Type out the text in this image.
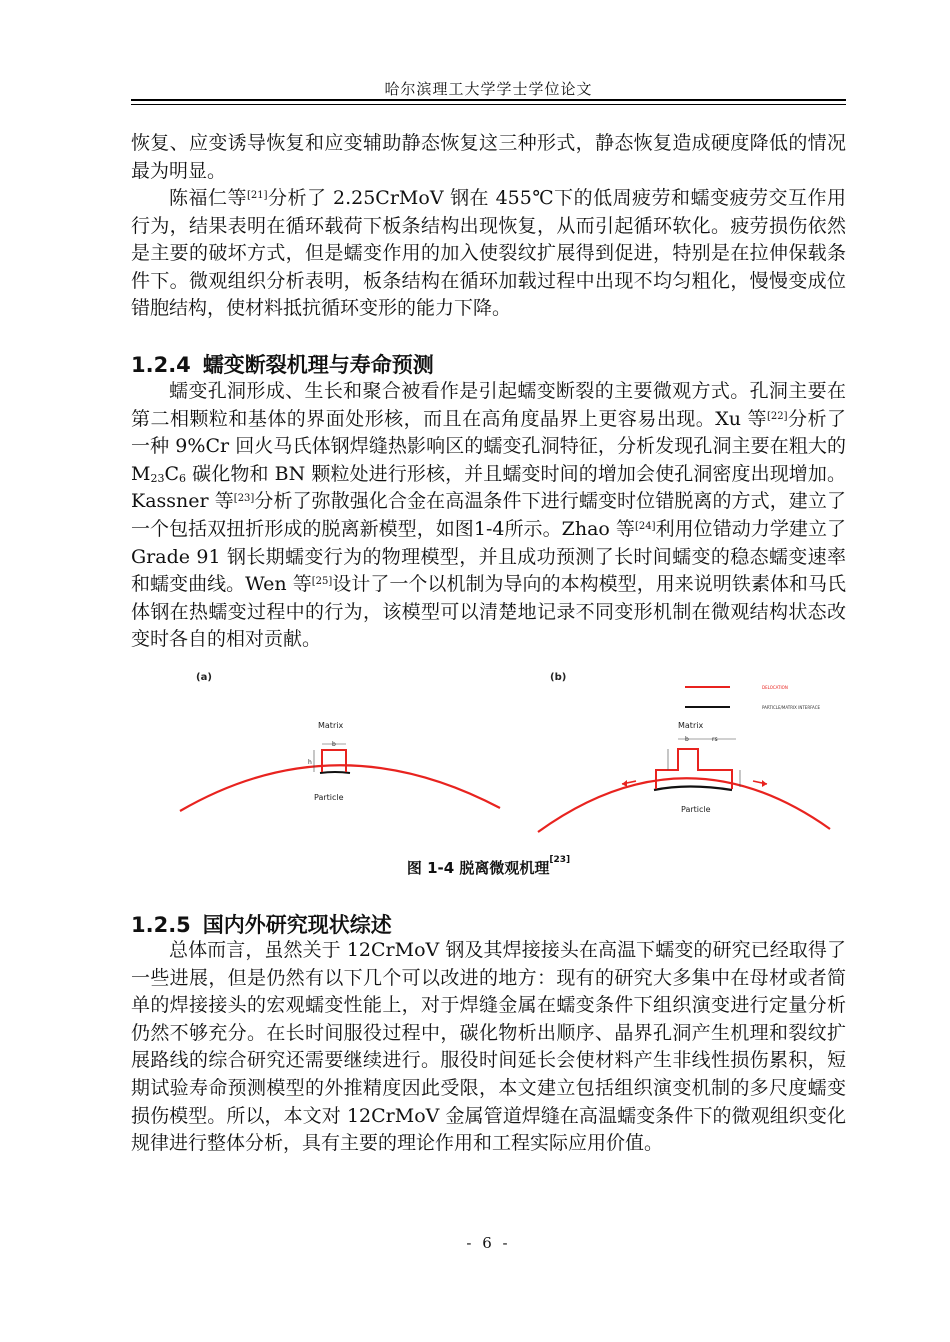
哈尔滨理工大学学士学位论文

恢复、应变诱导恢复和应变辅助静态恢复这三种形式，静态恢复造成硬度降低的情况最为明显。

陈福仁等[21]分析了 2.25CrMoV 钢在 455℃下的低周疲劳和蠕变疲劳交互作用行为，结果表明在循环载荷下板条结构出现恢复，从而引起循环软化。疲劳损伤依然是主要的破坏方式，但是蠕变作用的加入使裂纹扩展得到促进，特别是在拉伸保载条件下。微观组织分析表明，板条结构在循环加载过程中出现不均匀粗化，慢慢变成位错胞结构，使材料抵抗循环变形的能力下降。

1.2.4 蠕变断裂机理与寿命预测

蠕变孔洞形成、生长和聚合被看作是引起蠕变断裂的主要微观方式。孔洞主要在第二相颗粒和基体的界面处形核，而且在高角度晶界上更容易出现。Xu 等[22]分析了一种 9%Cr 回火马氏体钢焊缝热影响区的蠕变孔洞特征，分析发现孔洞主要在粗大的 $M_{23}C_6$ 碳化物和 BN 颗粒处进行形核，并且蠕变时间的增加会使孔洞密度出现增加。Kassner 等[23]分析了弥散强化合金在高温条件下进行蠕变时位错脱离的方式，建立了一个包括双扭折形成的脱离新模型，如图1-4所示。Zhao 等[24]利用位错动力学建立了 Grade 91 钢长期蠕变行为的物理模型，并且成功预测了长时间蠕变的稳态蠕变速率和蠕变曲线。Wen 等[25]设计了一个以机制为导向的本构模型，用来说明铁素体和马氏体钢在热蠕变过程中的行为，该模型可以清楚地记录不同变形机制在微观结构状态改变时各自的相对贡献。

(a)
b
h
Matrix
Particle
(b)
DELOCATION
PARTICLE/MATRIX INTERFACE
b	rs
Matrix
Particle
图 1-4 脱离微观机理[23]
1.2.5 国内外研究现状综述

总体而言，虽然关于 12CrMoV 钢及其焊接接头在高温下蠕变的研究已经取得了一些进展，但是仍然有以下几个可以改进的地方：现有的研究大多集中在母材或者简单的焊接接头的宏观蠕变性能上，对于焊缝金属在蠕变条件下组织演变进行定量分析仍然不够充分。在长时间服役过程中，碳化物析出顺序、晶界孔洞产生机理和裂纹扩展路线的综合研究还需要继续进行。服役时间延长会使材料产生非线性损伤累积，短期试验寿命预测模型的外推精度因此受限，本文建立包括组织演变机制的多尺度蠕变损伤模型。所以，本文对 12CrMoV 金属管道焊缝在高温蠕变条件下的微观组织变化规律进行整体分析，具有主要的理论作用和工程实际应用价值。

- 6 -
